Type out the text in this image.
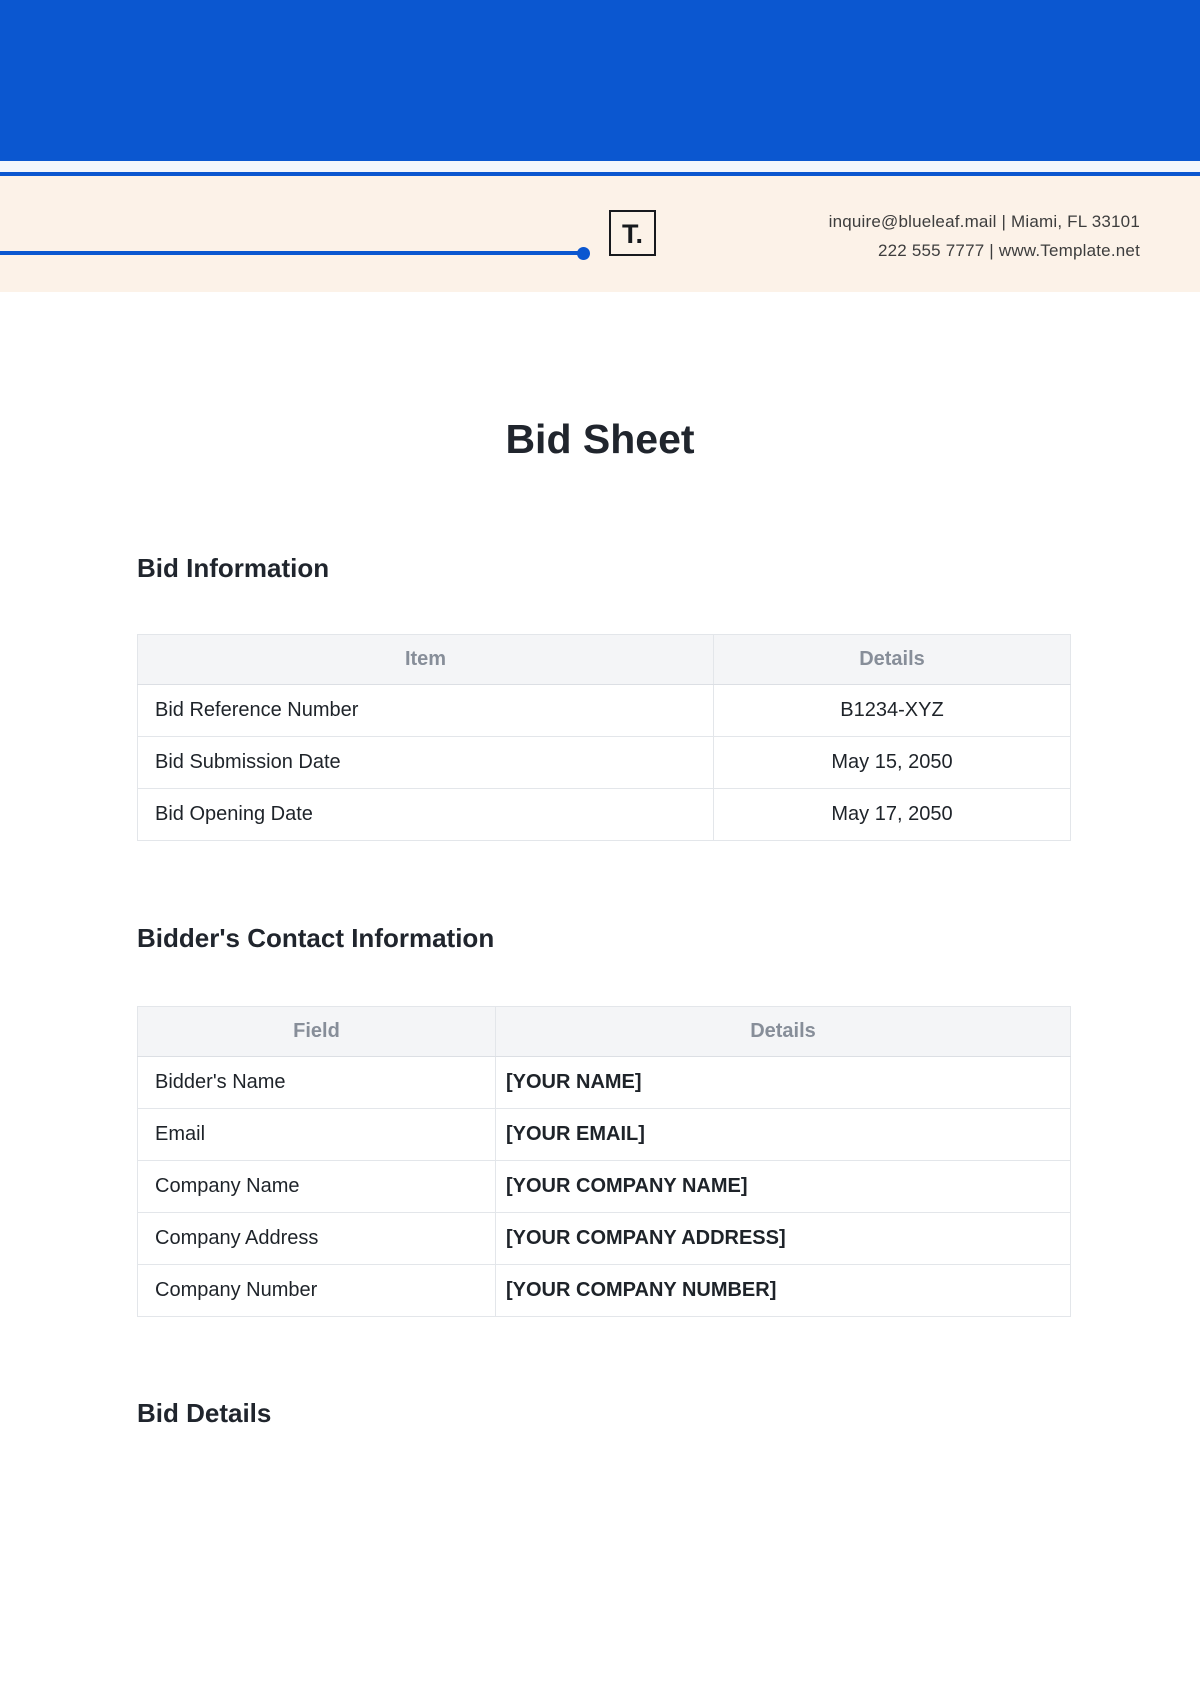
T.	inquire@blueleaf.mail | Miami, FL 33101
222 555 7777 | www.Template.net
Bid Sheet
Bid Information
Item	Details
Bid Reference Number	B1234-XYZ
Bid Submission Date	May 15, 2050
Bid Opening Date	May 17, 2050
Bidder's Contact Information
Field	Details
Bidder's Name	[YOUR NAME]
Email	[YOUR EMAIL]
Company Name	[YOUR COMPANY NAME]
Company Address	[YOUR COMPANY ADDRESS]
Company Number	[YOUR COMPANY NUMBER]
Bid Details
